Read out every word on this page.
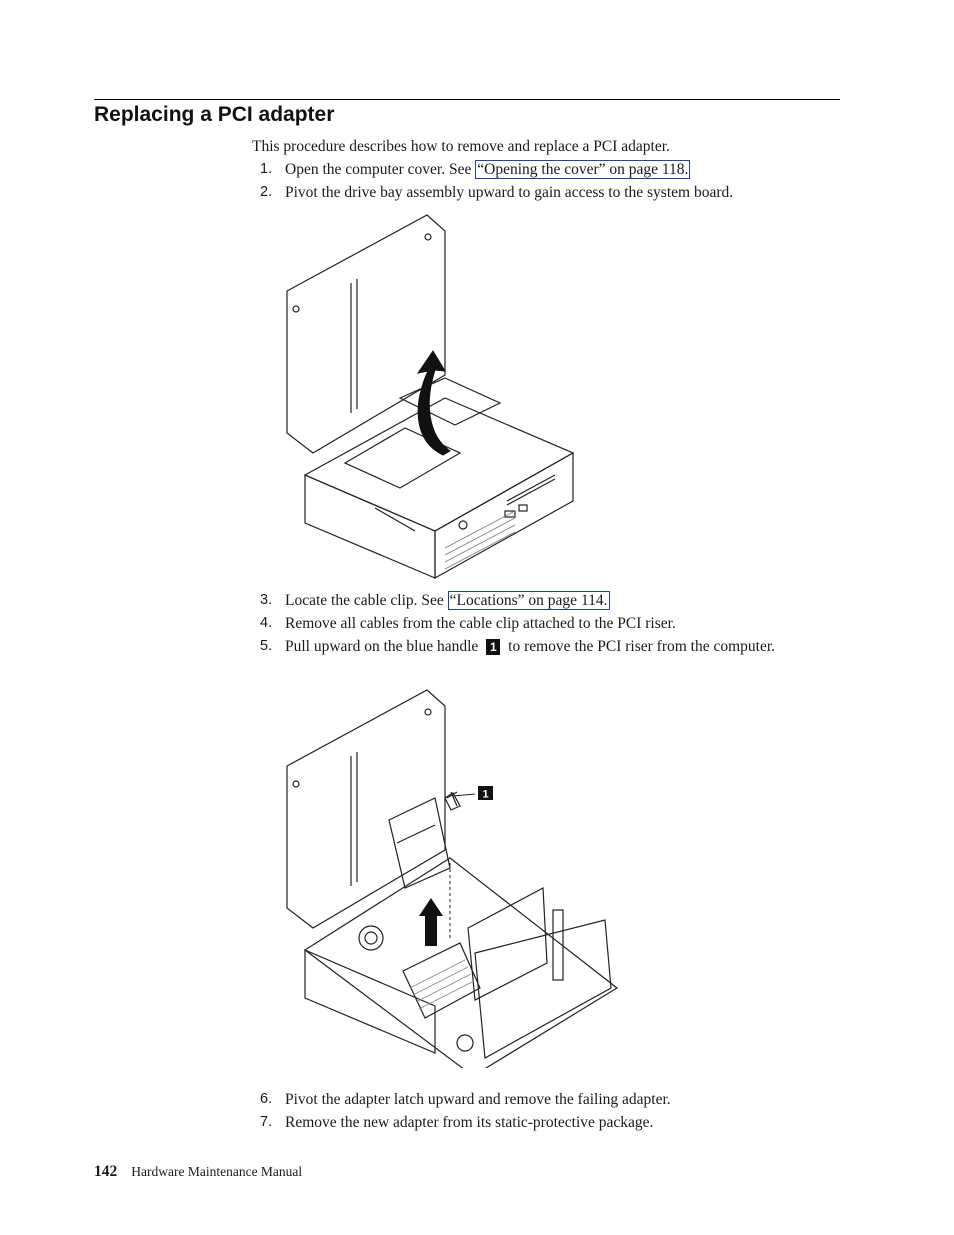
Replacing a PCI adapter

This procedure describes how to remove and replace a PCI adapter.

1. Open the computer cover. See “Opening the cover” on page 118.
2. Pivot the drive bay assembly upward to gain access to the system board.
3. Locate the cable clip. See “Locations” on page 114.
4. Remove all cables from the cable clip attached to the PCI riser.
5. Pull upward on the blue handle 1 to remove the PCI riser from the computer.
1
6. Pivot the adapter latch upward and remove the failing adapter.
7. Remove the new adapter from its static-protective package.
142 Hardware Maintenance Manual
